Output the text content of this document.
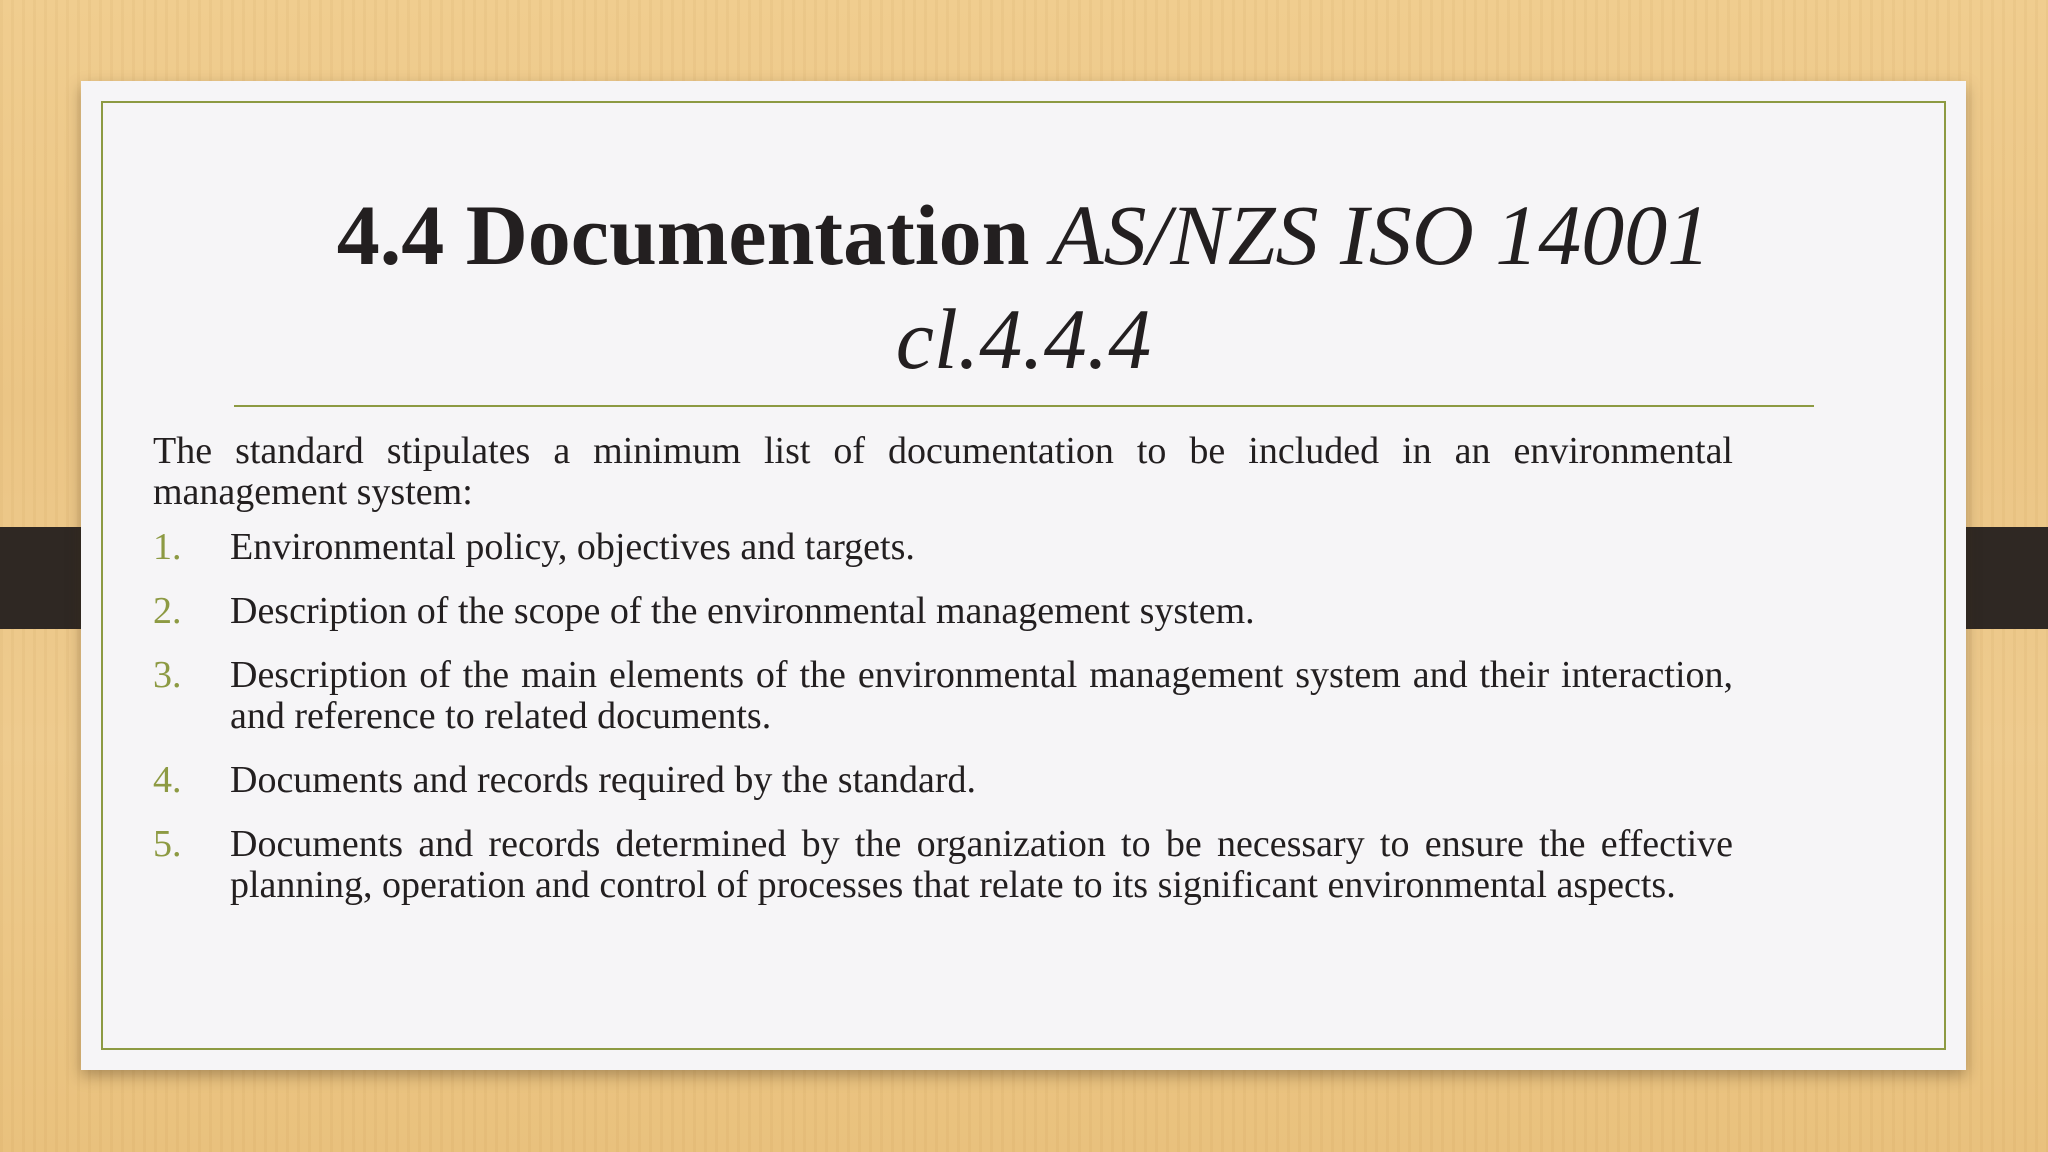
4.4 Documentation AS/NZS ISO 14001
cl.4.4.4

The standard stipulates a minimum list of documentation to be included in an environmental management system:

1. Environmental policy, objectives and targets.
2. Description of the scope of the environmental management system.
3. Description of the main elements of the environmental management system and their interaction, and reference to related documents.
4. Documents and records required by the standard.
5. Documents and records determined by the organization to be necessary to ensure the effective planning, operation and control of processes that relate to its significant environmental aspects.
